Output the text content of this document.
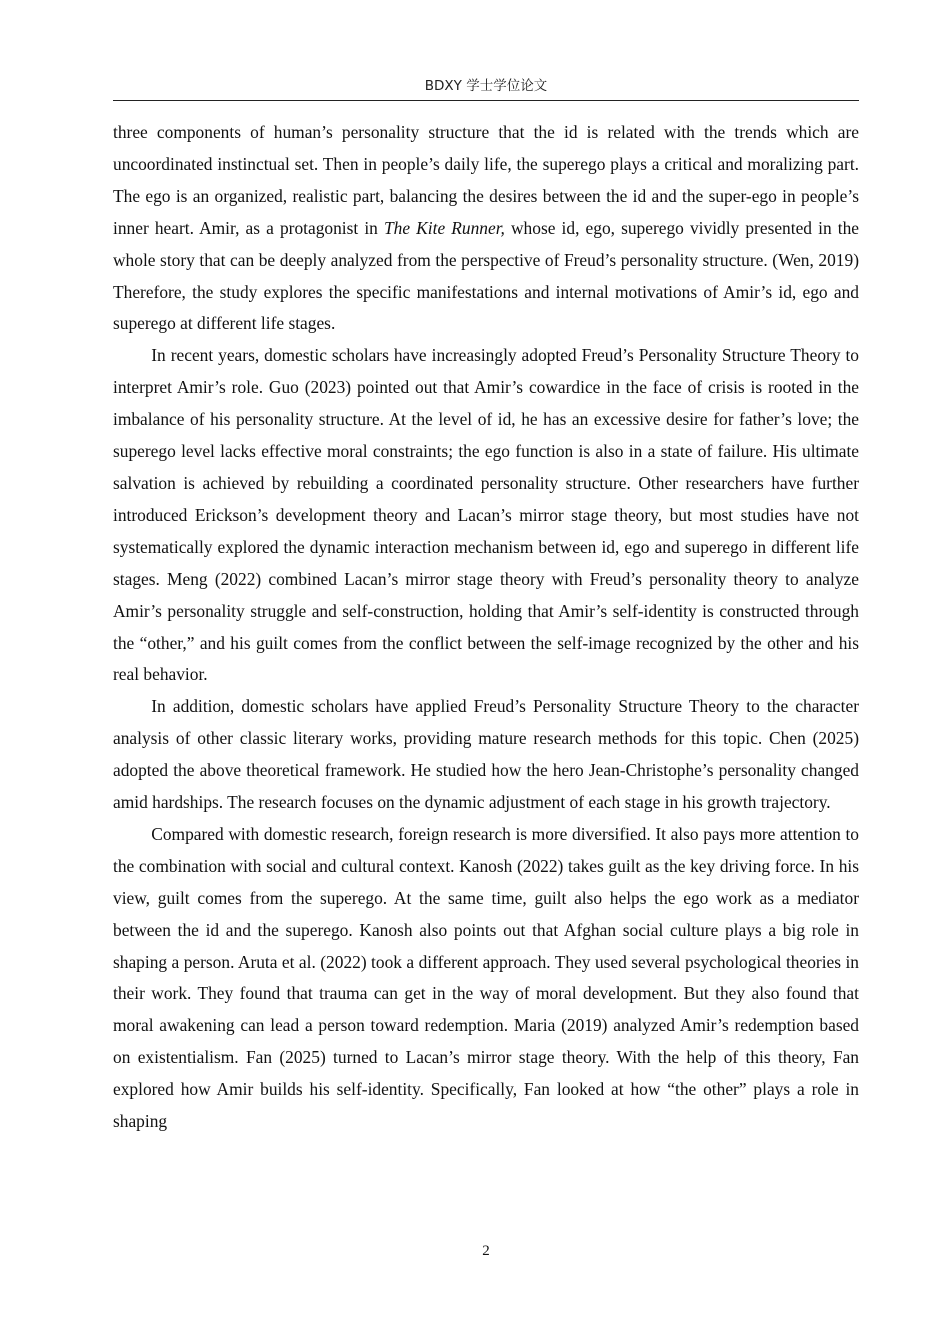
BDXY 学士学位论文

three components of human’s personality structure that the id is related with the trends which are uncoordinated instinctual set. Then in people’s daily life, the superego plays a critical and moralizing part. The ego is an organized, realistic part, balancing the desires between the id and the super-ego in people’s inner heart. Amir, as a protagonist in The Kite Runner, whose id, ego, superego vividly presented in the whole story that can be deeply analyzed from the perspective of Freud’s personality structure. (Wen, 2019) Therefore, the study explores the specific manifestations and internal motivations of Amir’s id, ego and superego at different life stages.

In recent years, domestic scholars have increasingly adopted Freud’s Personality Structure Theory to interpret Amir’s role. Guo (2023) pointed out that Amir’s cowardice in the face of crisis is rooted in the imbalance of his personality structure. At the level of id, he has an excessive desire for father’s love; the superego level lacks effective moral constraints; the ego function is also in a state of failure. His ultimate salvation is achieved by rebuilding a coordinated personality structure. Other researchers have further introduced Erickson’s development theory and Lacan’s mirror stage theory, but most studies have not systematically explored the dynamic interaction mechanism between id, ego and superego in different life stages. Meng (2022) combined Lacan’s mirror stage theory with Freud’s personality theory to analyze Amir’s personality struggle and self-construction, holding that Amir’s self-identity is constructed through the “other,” and his guilt comes from the conflict between the self-image recognized by the other and his real behavior.

In addition, domestic scholars have applied Freud’s Personality Structure Theory to the character analysis of other classic literary works, providing mature research methods for this topic. Chen (2025) adopted the above theoretical framework. He studied how the hero Jean-Christophe’s personality changed amid hardships. The research focuses on the dynamic adjustment of each stage in his growth trajectory.

Compared with domestic research, foreign research is more diversified. It also pays more attention to the combination with social and cultural context. Kanosh (2022) takes guilt as the key driving force. In his view, guilt comes from the superego. At the same time, guilt also helps the ego work as a mediator between the id and the superego. Kanosh also points out that Afghan social culture plays a big role in shaping a person. Aruta et al. (2022) took a different approach. They used several psychological theories in their work. They found that trauma can get in the way of moral development. But they also found that moral awakening can lead a person toward redemption. Maria (2019) analyzed Amir’s redemption based on existentialism. Fan (2025) turned to Lacan’s mirror stage theory. With the help of this theory, Fan explored how Amir builds his self-identity. Specifically, Fan looked at how “the other” plays a role in shaping

2
